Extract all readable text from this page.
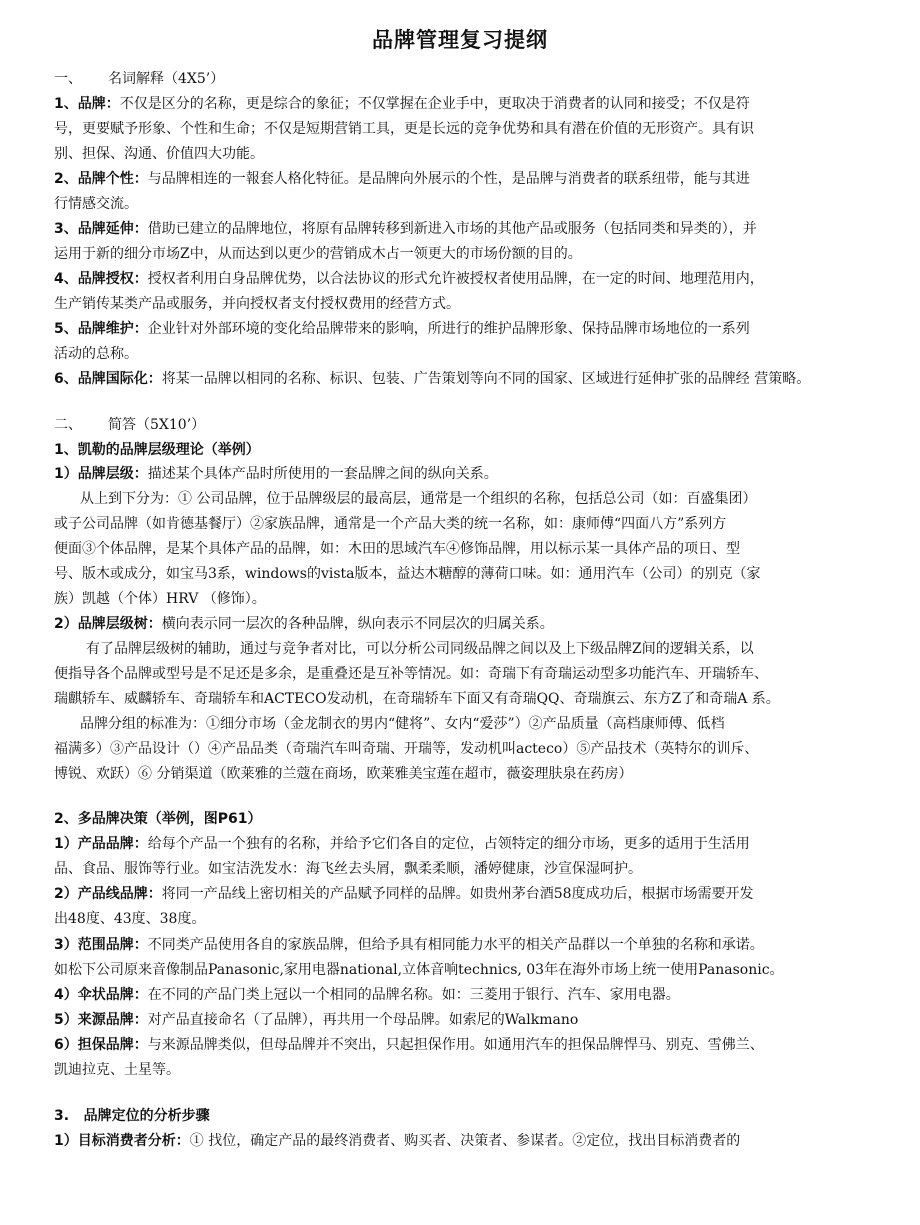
品牌管理复习提纲
一、 名词解释（4X5’）
1、品牌：不仅是区分的名称，更是综合的象征；不仅掌握在企业手中，更取决于消费者的认同和接受；不仅是符
号，更要赋予形象、个性和生命；不仅是短期营销工具，更是长远的竞争优势和具有潜在价值的无形资产。具有识
别、担保、沟通、价值四大功能。
2、品牌个性：与品牌相连的一報套人格化特征。是品牌向外展示的个性，是品牌与消费者的联系纽带，能与其进
行情感交流。
3、品牌延伸：借助已建立的品牌地位，将原有品牌转移到新进入市场的其他产品或服务（包括同类和异类的），并
运用于新的细分市场Z中，从而达到以更少的营销成木占一领更大的市场份额的目的。
4、品牌授权：授权者利用白身品牌优势，以合法协议的形式允许被授权者使用品牌，在一定的时间、地理范用内，
生产销传某类产品或服务，并向授权者支付授权费用的经营方式。
5、品牌维护：企业针对外部环境的变化给品牌带来的影响，所进行的维护品牌形象、保持品牌市场地位的一系列
活动的总称。
6、品牌国际化：将某一品牌以相同的名称、标识、包装、广告策划等向不同的国家、区域进行延伸扩张的品牌经 营策略。
二、 简答（5X10’）
1、凯勒的品牌层级理论（举例）
1）品牌层级：描述某个具体产品时所使用的一套品牌之间的纵向关系。
从上到下分为：① 公司品牌，位于品牌级层的最高层，通常是一个组织的名称，包括总公司（如：百盛集团）
或子公司品牌（如肯德基餐厅）②家族品牌，通常是一个产品大类的统一名称，如：康师傅“四面八方”系列方
便面③个体品牌，是某个具体产品的品牌，如：木田的思域汽车④修饰品牌，用以标示某一具体产品的项日、型
号、版木或成分，如宝马3系，windows的vista版本，益达木糖醇的薄荷口味。如：通用汽车（公司）的别克（家
族）凯越（个体）HRV （修饰）。
2）品牌层级树：横向表示同一层次的各种品牌，纵向表示不同层次的归属关系。
有了品牌层级树的辅助，通过与竞争者对比，可以分析公司同级品牌之间以及上下级品牌Z间的逻辑关系，以
便指导各个品牌或型号是不足还是多余，是重叠还是互补等情况。如：奇瑞下有奇瑞运动型多功能汽车、开瑞轿车、
瑞麒轿车、威麟轿车、奇瑞轿车和ACTECO发动机，在奇瑞轿车下面又有奇瑞QQ、奇瑞旗云、东方Z了和奇瑞A 系。
品牌分组的标准为：①细分市场（金龙制衣的男内“健将”、女内“爱莎”）②产品质量（高档康师傅、低档
福满多）③产品设计（）④产品品类（奇瑞汽车叫奇瑞、开瑞等，发动机叫acteco）⑤产品技术（英特尔的训斥、
博锐、欢跃）⑥ 分销渠道（欧莱雅的兰蔻在商场，欧莱雅美宝莲在超市，薇姿理肤泉在药房）
2、多品牌决策（举例，图P61）
1）产品品牌：给每个产品一个独有的名称，并给予它们各自的定位，占领特定的细分市场，更多的适用于生活用
品、食品、服饰等行业。如宝洁洗发水：海飞丝去头屑，飘柔柔顺，潘婷健康，沙宣保湿呵护。
2）产品线品牌：将同一产品线上密切相关的产品赋予同样的品牌。如贵州茅台酒58度成功后，根据市场需要开发
出48度、43度、38度。
3）范围品牌：不同类产品使用各自的家族品牌，但给予具有相同能力水平的相关产品群以一个单独的名称和承诺。
如松下公司原来音像制品Panasonic,家用电器national,立体音响technics, 03年在海外市场上统一使用Panasonic。
4）伞状品牌：在不同的产品门类上冠以一个相同的品牌名称。如：三菱用于银行、汽车、家用电器。
5）来源品牌：对产品直接命名（了品牌），再共用一个母品牌。如索尼的Walkmano
6）担保品牌：与来源品牌类似，但母品牌并不突出，只起担保作用。如通用汽车的担保品牌悍马、别克、雪佛兰、
凯迪拉克、土星等。
3.   品牌定位的分析步骤
1）目标消费者分析：① 找位，确定产品的最终消费者、购买者、决策者、参谋者。②定位，找出目标消费者的
